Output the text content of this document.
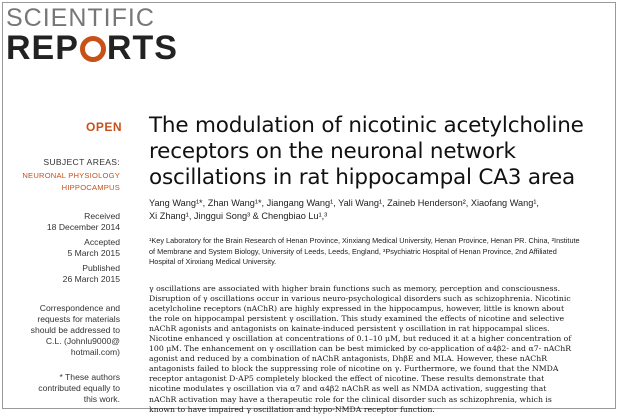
SCIENTIFIC
REP RTS
OPEN
SUBJECT AREAS:
NEURONAL PHYSIOLOGY
HIPPOCAMPUS
Received
18 December 2014
Accepted
5 March 2015
Published
26 March 2015
Correspondence and
requests for materials
should be addressed to
C.L. (Johnlu9000@
hotmail.com)
* These authors
contributed equally to
this work.
The modulation of nicotinic acetylcholine
receptors on the neuronal network
oscillations in rat hippocampal CA3 area
Yang Wang¹*, Zhan Wang¹*, Jiangang Wang¹, Yali Wang¹, Zaineb Henderson², Xiaofang Wang¹,
Xi Zhang¹, Jinggui Song³ & Chengbiao Lu¹,³
¹Key Laboratory for the Brain Research of Henan Province, Xinxiang Medical University, Henan Province, Henan PR. China, ²Institute
of Membrane and System Biology, University of Leeds, Leeds, England, ³Psychiatric Hospital of Henan Province, 2nd Affiliated
Hospital of Xinxiang Medical University.
γ oscillations are associated with higher brain functions such as memory, perception and consciousness.
Disruption of γ oscillations occur in various neuro-psychological disorders such as schizophrenia. Nicotinic
acetylcholine receptors (nAChR) are highly expressed in the hippocampus, however, little is known about
the role on hippocampal persistent γ oscillation. This study examined the effects of nicotine and selective
nAChR agonists and antagonists on kainate-induced persistent γ oscillation in rat hippocampal slices.
Nicotine enhanced γ oscillation at concentrations of 0.1–10 μM, but reduced it at a higher concentration of
100 μM. The enhancement on γ oscillation can be best mimicked by co-application of α4β2- and α7- nAChR
agonist and reduced by a combination of nAChR antagonists, DhβE and MLA. However, these nAChR
antagonists failed to block the suppressing role of nicotine on γ. Furthermore, we found that the NMDA
receptor antagonist D-AP5 completely blocked the effect of nicotine. These results demonstrate that
nicotine modulates γ oscillation via α7 and α4β2 nAChR as well as NMDA activation, suggesting that
nAChR activation may have a therapeutic role for the clinical disorder such as schizophrenia, which is
known to have impaired γ oscillation and hypo-NMDA receptor function.
